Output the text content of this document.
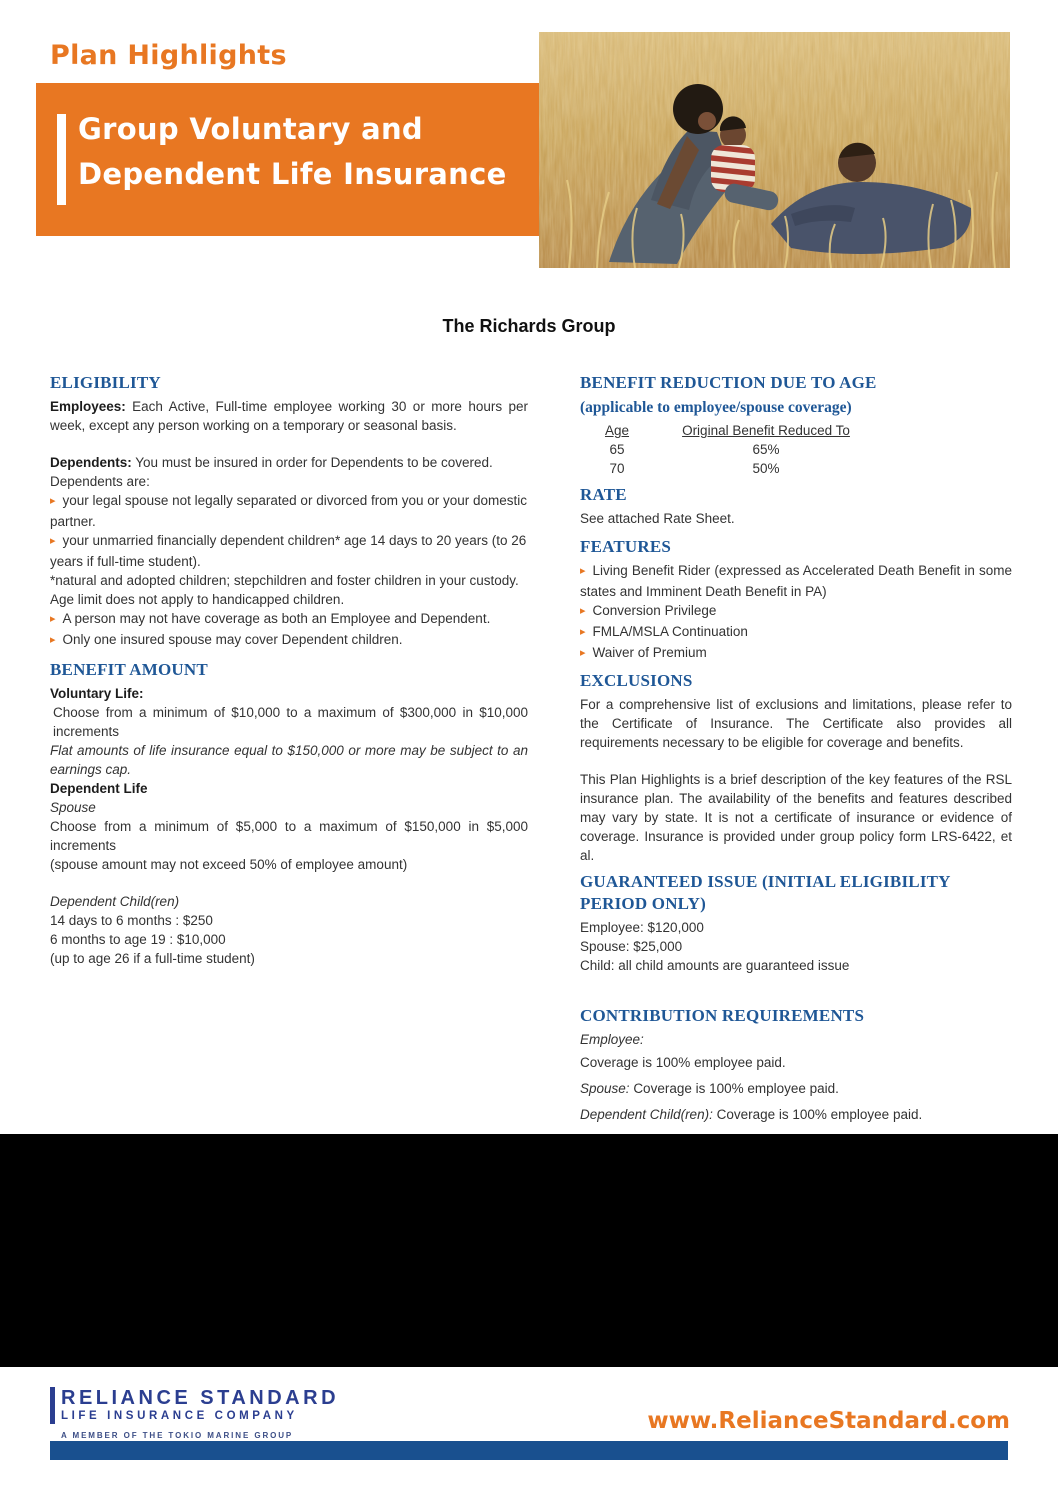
Plan Highlights
Group Voluntary and
Dependent Life Insurance
The Richards Group
ELIGIBILITY

Employees: Each Active, Full-time employee working 30 or more hours per week, except any person working on a temporary or seasonal basis.

Dependents: You must be insured in order for Dependents to be covered.

Dependents are:

▸ your legal spouse not legally separated or divorced from you or your domestic partner.

▸ your unmarried financially dependent children* age 14 days to 20 years (to 26 years if full-time student).

*natural and adopted children; stepchildren and foster children in your custody.

Age limit does not apply to handicapped children.

▸ A person may not have coverage as both an Employee and Dependent.

▸ Only one insured spouse may cover Dependent children.

BENEFIT AMOUNT

Voluntary Life:

Choose from a minimum of $10,000 to a maximum of $300,000 in $10,000 increments

Flat amounts of life insurance equal to $150,000 or more may be subject to an earnings cap.

Dependent Life

Spouse

Choose from a minimum of $5,000 to a maximum of $150,000 in $5,000 increments

(spouse amount may not exceed 50% of employee amount)

Dependent Child(ren)

14 days to 6 months : $250

6 months to age 19 : $10,000

(up to age 26 if a full-time student)

BENEFIT REDUCTION DUE TO AGE
(applicable to employee/spouse coverage)
Age	Original Benefit Reduced To
65	65%
70	50%
RATE

See attached Rate Sheet.

FEATURES

▸ Living Benefit Rider (expressed as Accelerated Death Benefit in some states and Imminent Death Benefit in PA)

▸ Conversion Privilege

▸ FMLA/MSLA Continuation

▸ Waiver of Premium

EXCLUSIONS

For a comprehensive list of exclusions and limitations, please refer to the Certificate of Insurance. The Certificate also provides all requirements necessary to be eligible for coverage and benefits.

This Plan Highlights is a brief description of the key features of the RSL insurance plan. The availability of the benefits and features described may vary by state. It is not a certificate of insurance or evidence of coverage. Insurance is provided under group policy form LRS-6422, et al.

GUARANTEED ISSUE (INITIAL ELIGIBILITY PERIOD ONLY)

Employee: $120,000

Spouse: $25,000

Child: all child amounts are guaranteed issue

CONTRIBUTION REQUIREMENTS

Employee:

Coverage is 100% employee paid.

Spouse: Coverage is 100% employee paid.

Dependent Child(ren): Coverage is 100% employee paid.

RELIANCE STANDARD
LIFE INSURANCE COMPANY
A MEMBER OF THE TOKIO MARINE GROUP
www.RelianceStandard.com
